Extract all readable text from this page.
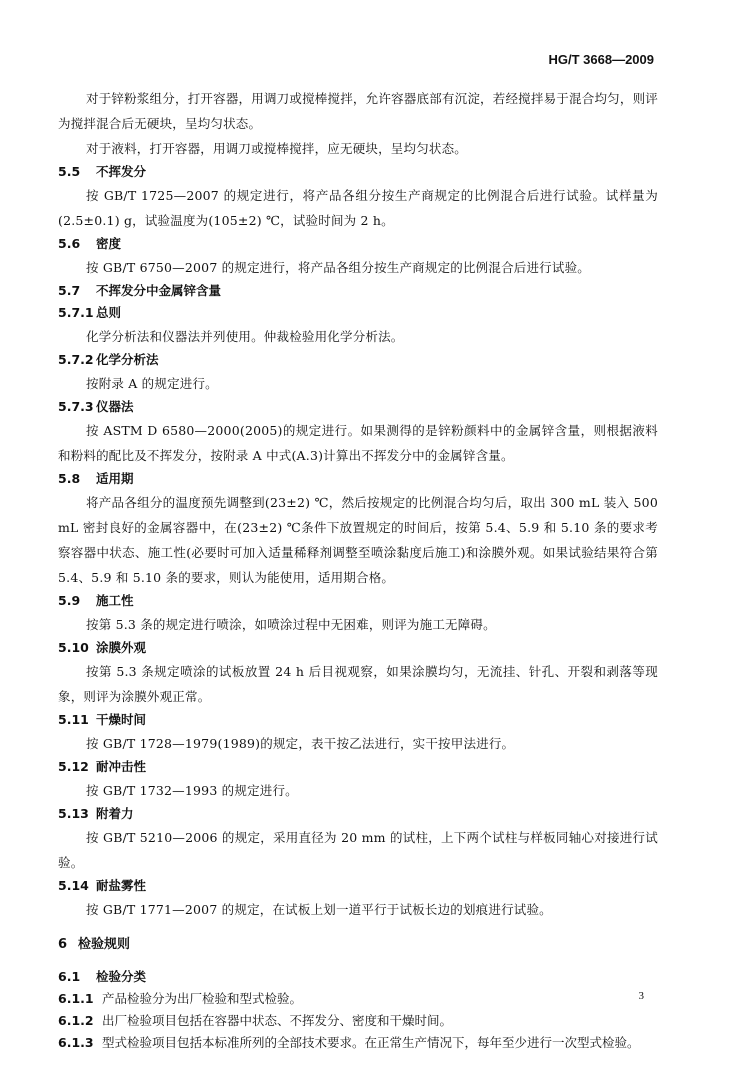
HG/T 3668—2009

对于锌粉浆组分，打开容器，用调刀或搅棒搅拌，允许容器底部有沉淀，若经搅拌易于混合均匀，则评为搅拌混合后无硬块，呈均匀状态。

对于液料，打开容器，用调刀或搅棒搅拌，应无硬块，呈均匀状态。

5.5 不挥发分

按 GB/T 1725—2007 的规定进行，将产品各组分按生产商规定的比例混合后进行试验。试样量为(2.5±0.1) g，试验温度为(105±2) ℃，试验时间为 2 h。

5.6 密度

按 GB/T 6750—2007 的规定进行，将产品各组分按生产商规定的比例混合后进行试验。

5.7 不挥发分中金属锌含量
5.7.1 总则

化学分析法和仪器法并列使用。仲裁检验用化学分析法。

5.7.2 化学分析法

按附录 A 的规定进行。

5.7.3 仪器法

按 ASTM D 6580—2000(2005)的规定进行。如果测得的是锌粉颜料中的金属锌含量，则根据液料和粉料的配比及不挥发分，按附录 A 中式(A.3)计算出不挥发分中的金属锌含量。

5.8 适用期

将产品各组分的温度预先调整到(23±2) ℃，然后按规定的比例混合均匀后，取出 300 mL 装入 500 mL 密封良好的金属容器中，在(23±2) ℃条件下放置规定的时间后，按第 5.4、5.9 和 5.10 条的要求考察容器中状态、施工性(必要时可加入适量稀释剂调整至喷涂黏度后施工)和涂膜外观。如果试验结果符合第 5.4、5.9 和 5.10 条的要求，则认为能使用，适用期合格。

5.9 施工性

按第 5.3 条的规定进行喷涂，如喷涂过程中无困难，则评为施工无障碍。

5.10 涂膜外观

按第 5.3 条规定喷涂的试板放置 24 h 后目视观察，如果涂膜均匀，无流挂、针孔、开裂和剥落等现象，则评为涂膜外观正常。

5.11 干燥时间

按 GB/T 1728—1979(1989)的规定，表干按乙法进行，实干按甲法进行。

5.12 耐冲击性

按 GB/T 1732—1993 的规定进行。

5.13 附着力

按 GB/T 5210—2006 的规定，采用直径为 20 mm 的试柱，上下两个试柱与样板同轴心对接进行试验。

5.14 耐盐雾性

按 GB/T 1771—2007 的规定，在试板上划一道平行于试板长边的划痕进行试验。

6 检验规则
6.1 检验分类
6.1.1 产品检验分为出厂检验和型式检验。
6.1.2 出厂检验项目包括在容器中状态、不挥发分、密度和干燥时间。
6.1.3 型式检验项目包括本标准所列的全部技术要求。在正常生产情况下，每年至少进行一次型式检验。
3
